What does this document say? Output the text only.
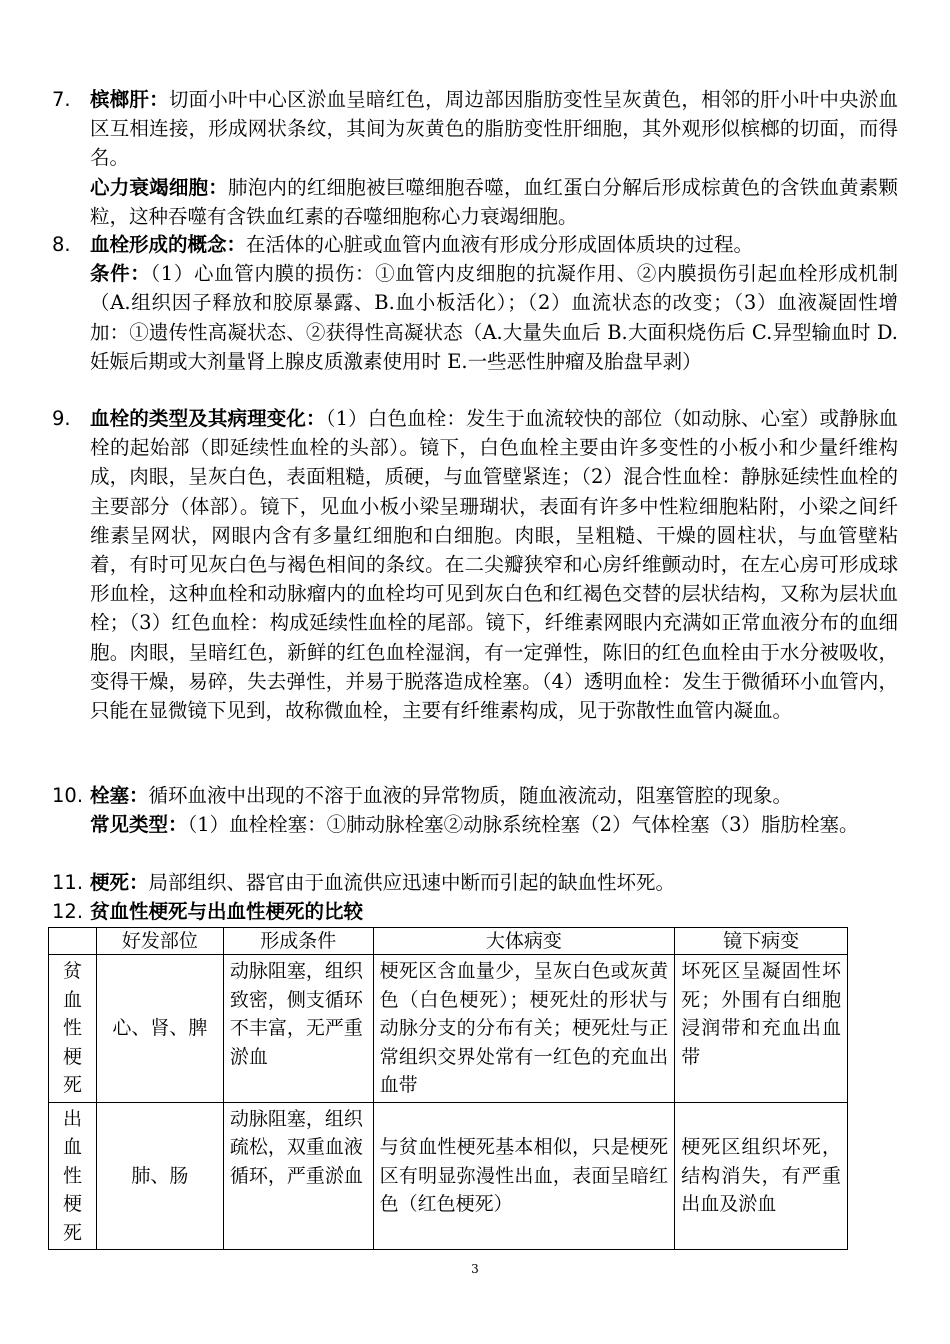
7. 槟榔肝：切面小叶中心区淤血呈暗红色，周边部因脂肪变性呈灰黄色，相邻的肝小叶中央淤血区互相连接，形成网状条纹，其间为灰黄色的脂肪变性肝细胞，其外观形似槟榔的切面，而得名。
心力衰竭细胞：肺泡内的红细胞被巨噬细胞吞噬，血红蛋白分解后形成棕黄色的含铁血黄素颗粒，这种吞噬有含铁血红素的吞噬细胞称心力衰竭细胞。
8. 血栓形成的概念：在活体的心脏或血管内血液有形成分形成固体质块的过程。
条件：（1）心血管内膜的损伤：①血管内皮细胞的抗凝作用、②内膜损伤引起血栓形成机制（A.组织因子释放和胶原暴露、B.血小板活化）；（2）血流状态的改变；（3）血液凝固性增加：①遗传性高凝状态、②获得性高凝状态（A.大量失血后 B.大面积烧伤后 C.异型输血时 D.妊娠后期或大剂量肾上腺皮质激素使用时 E.一些恶性肿瘤及胎盘早剥）
9. 血栓的类型及其病理变化：（1）白色血栓：发生于血流较快的部位（如动脉、心室）或静脉血栓的起始部（即延续性血栓的头部）。镜下，白色血栓主要由许多变性的小板小和少量纤维构成，肉眼，呈灰白色，表面粗糙，质硬，与血管壁紧连；（2）混合性血栓：静脉延续性血栓的主要部分（体部）。镜下，见血小板小梁呈珊瑚状，表面有许多中性粒细胞粘附，小梁之间纤维素呈网状，网眼内含有多量红细胞和白细胞。肉眼，呈粗糙、干燥的圆柱状，与血管壁粘着，有时可见灰白色与褐色相间的条纹。在二尖瓣狭窄和心房纤维颤动时，在左心房可形成球形血栓，这种血栓和动脉瘤内的血栓均可见到灰白色和红褐色交替的层状结构，又称为层状血栓；（3）红色血栓：构成延续性血栓的尾部。镜下，纤维素网眼内充满如正常血液分布的血细胞。肉眼，呈暗红色，新鲜的红色血栓湿润，有一定弹性，陈旧的红色血栓由于水分被吸收，变得干燥，易碎，失去弹性，并易于脱落造成栓塞。（4）透明血栓：发生于微循环小血管内，只能在显微镜下见到，故称微血栓，主要有纤维素构成，见于弥散性血管内凝血。
10. 栓塞：循环血液中出现的不溶于血液的异常物质，随血液流动，阻塞管腔的现象。
常见类型：（1）血栓栓塞：①肺动脉栓塞②动脉系统栓塞（2）气体栓塞（3）脂肪栓塞。
11. 梗死：局部组织、器官由于血流供应迅速中断而引起的缺血性坏死。
12. 贫血性梗死与出血性梗死的比较
	好发部位	形成条件	大体病变	镜下病变
贫
血
性
梗
死	心、肾、脾	动脉阻塞，组织致密，侧支循环不丰富，无严重淤血	梗死区含血量少，呈灰白色或灰黄色（白色梗死）；梗死灶的形状与动脉分支的分布有关；梗死灶与正常组织交界处常有一红色的充血出血带	坏死区呈凝固性坏死；外围有白细胞浸润带和充血出血带
出
血
性
梗
死	肺、肠	动脉阻塞，组织疏松，双重血液循环，严重淤血	与贫血性梗死基本相似，只是梗死区有明显弥漫性出血，表面呈暗红色（红色梗死）	梗死区组织坏死，结构消失，有严重出血及淤血
3
